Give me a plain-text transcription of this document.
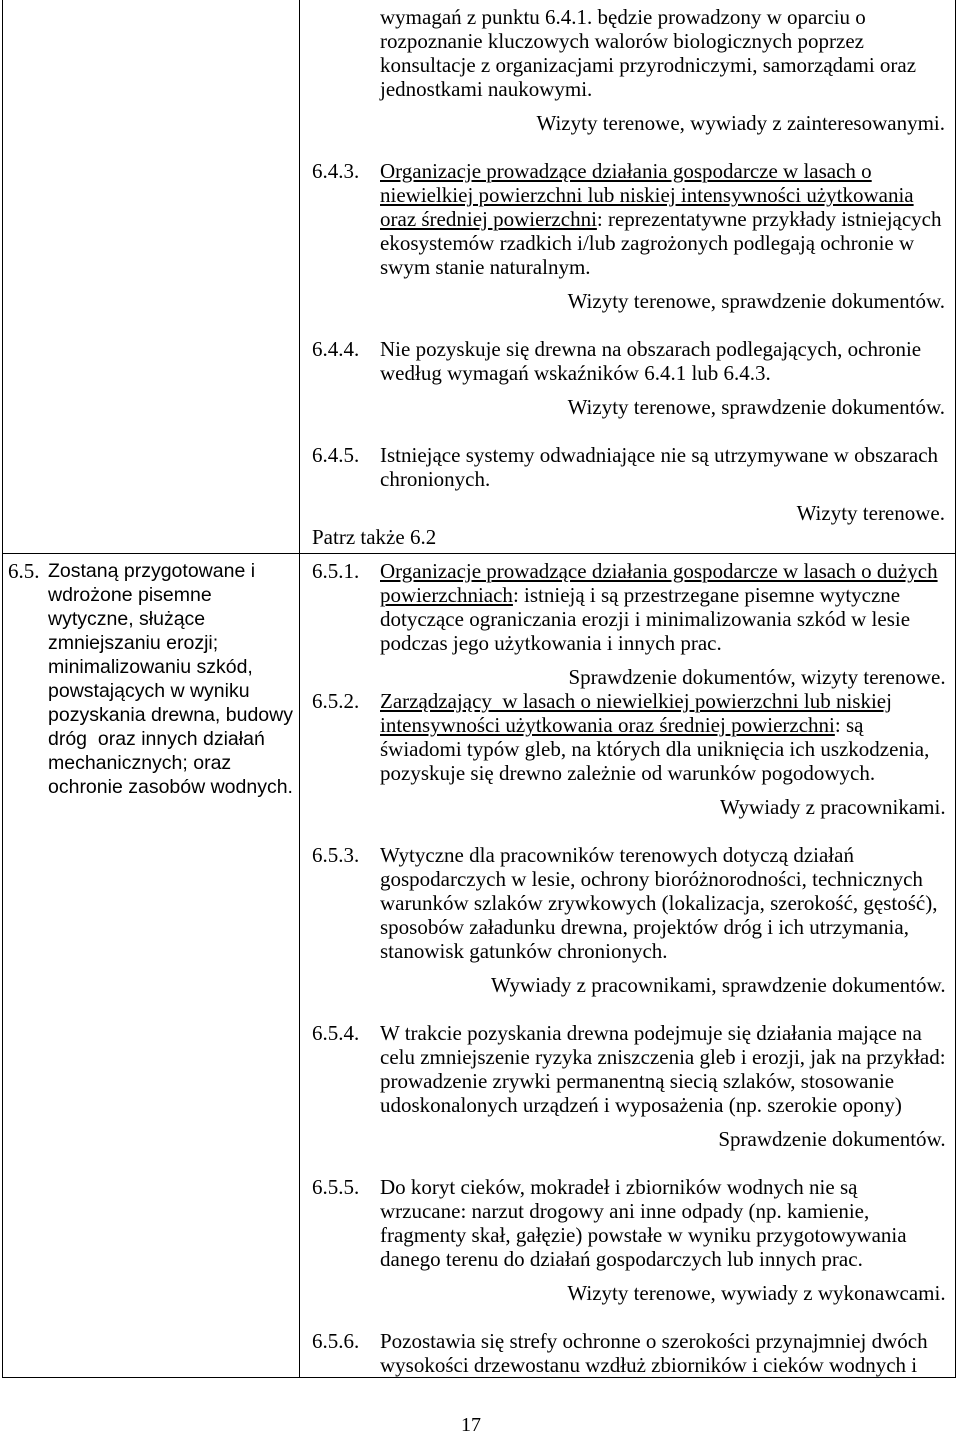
wymagań z punktu 6.4.1. będzie prowadzony w oparciu o
rozpoznanie kluczowych walorów biologicznych poprzez
konsultacje z organizacjami przyrodniczymi, samorządami oraz
jednostkami naukowymi.
Wizyty terenowe, wywiady z zainteresowanymi.
6.4.3. Organizacje prowadzące działania gospodarcze w lasach o
niewielkiej powierzchni lub niskiej intensywności użytkowania
oraz średniej powierzchni: reprezentatywne przykłady istniejących
ekosystemów rzadkich i/lub zagrożonych podlegają ochronie w
swym stanie naturalnym.
Wizyty terenowe, sprawdzenie dokumentów.
6.4.4. Nie pozyskuje się drewna na obszarach podlegających, ochronie
według wymagań wskaźników 6.4.1 lub 6.4.3.
Wizyty terenowe, sprawdzenie dokumentów.
6.4.5. Istniejące systemy odwadniające nie są utrzymywane w obszarach
chronionych.
Wizyty terenowe.
Patrz także 6.2
6.5. Zostaną przygotowane i
wdrożone pisemne
wytyczne, służące
zmniejszaniu erozji;
minimalizowaniu szkód,
powstających w wyniku
pozyskania drewna, budowy
dróg  oraz innych działań
mechanicznych; oraz
ochronie zasobów wodnych.
6.5.1. Organizacje prowadzące działania gospodarcze w lasach o dużych
powierzchniach: istnieją i są przestrzegane pisemne wytyczne
dotyczące ograniczania erozji i minimalizowania szkód w lesie
podczas jego użytkowania i innych prac.
Sprawdzenie dokumentów, wizyty terenowe.
6.5.2. Zarządzający  w lasach o niewielkiej powierzchni lub niskiej
intensywności użytkowania oraz średniej powierzchni: są
świadomi typów gleb, na których dla uniknięcia ich uszkodzenia,
pozyskuje się drewno zależnie od warunków pogodowych.
Wywiady z pracownikami.
6.5.3. Wytyczne dla pracowników terenowych dotyczą działań
gospodarczych w lesie, ochrony bioróżnorodności, technicznych
warunków szlaków zrywkowych (lokalizacja, szerokość, gęstość),
sposobów załadunku drewna, projektów dróg i ich utrzymania,
stanowisk gatunków chronionych.
Wywiady z pracownikami, sprawdzenie dokumentów.
6.5.4. W trakcie pozyskania drewna podejmuje się działania mające na
celu zmniejszenie ryzyka zniszczenia gleb i erozji, jak na przykład:
prowadzenie zrywki permanentną siecią szlaków, stosowanie
udoskonalonych urządzeń i wyposażenia (np. szerokie opony)
Sprawdzenie dokumentów.
6.5.5. Do koryt cieków, mokradeł i zbiorników wodnych nie są
wrzucane: narzut drogowy ani inne odpady (np. kamienie,
fragmenty skał, gałęzie) powstałe w wyniku przygotowywania
danego terenu do działań gospodarczych lub innych prac.
Wizyty terenowe, wywiady z wykonawcami.
6.5.6. Pozostawia się strefy ochronne o szerokości przynajmniej dwóch
wysokości drzewostanu wzdłuż zbiorników i cieków wodnych i
17
